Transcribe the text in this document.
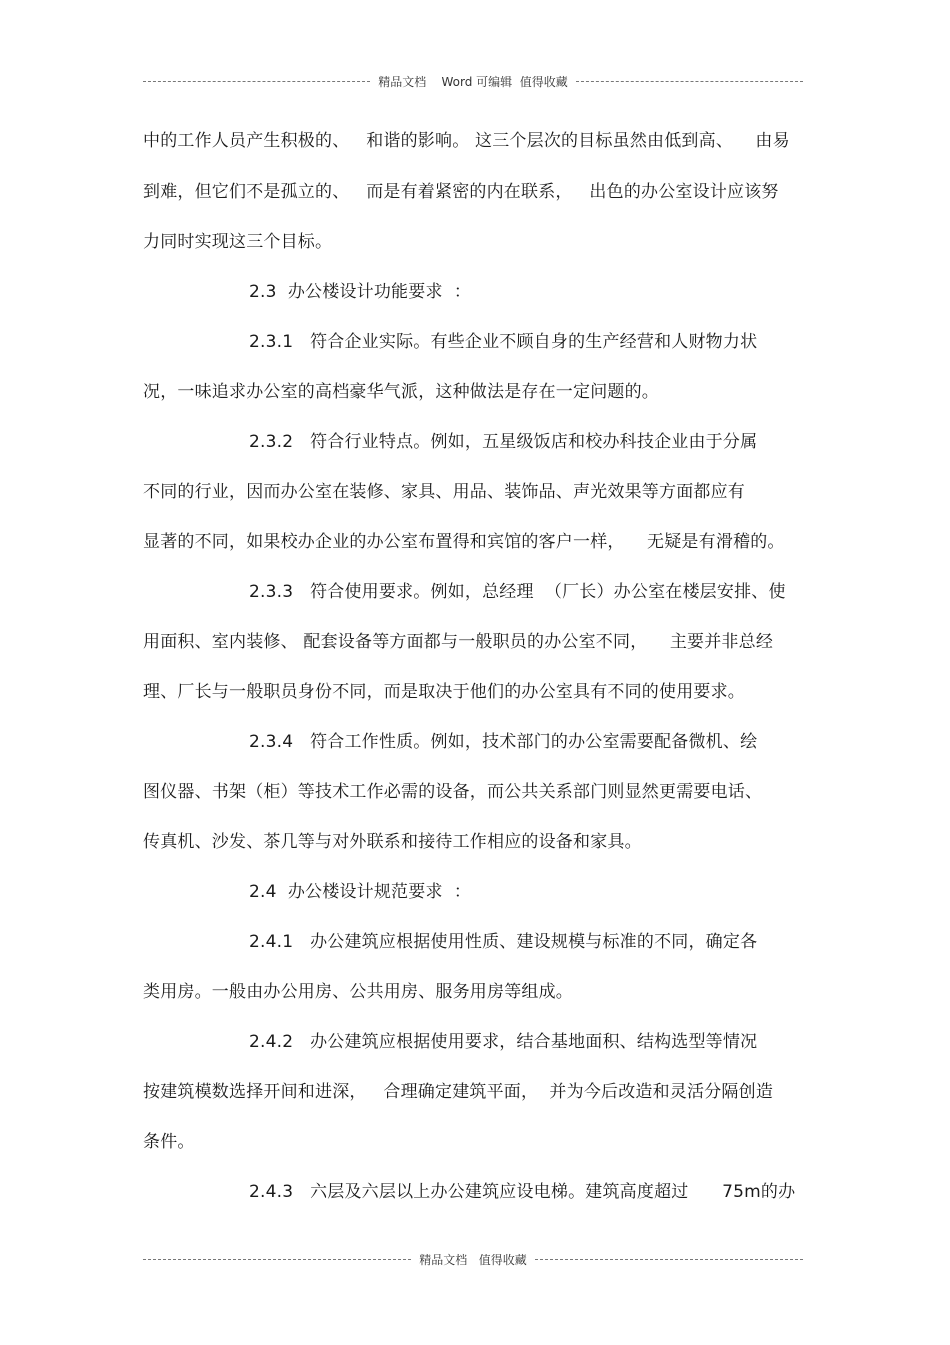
精品文档    Word 可编辑  值得收藏
中的工作人员产生积极的、   和谐的影响。 这三个层次的目标虽然由低到高、    由易
到难，但它们不是孤立的、   而是有着紧密的内在联系，   出色的办公室设计应该努
力同时实现这三个目标。
2.3  办公楼设计功能要求  ：
2.3.1   符合企业实际。有些企业不顾自身的生产经营和人财物力状
况，一味追求办公室的高档豪华气派，这种做法是存在一定问题的。
2.3.2   符合行业特点。例如，五星级饭店和校办科技企业由于分属
不同的行业，因而办公室在装修、家具、用品、装饰品、声光效果等方面都应有
显著的不同，如果校办企业的办公室布置得和宾馆的客户一样，    无疑是有滑稽的。
2.3.3   符合使用要求。例如，总经理  （厂长）办公室在楼层安排、使
用面积、室内装修、 配套设备等方面都与一般职员的办公室不同，    主要并非总经
理、厂长与一般职员身份不同，而是取决于他们的办公室具有不同的使用要求。
2.3.4   符合工作性质。例如，技术部门的办公室需要配备微机、绘
图仪器、书架（柜）等技术工作必需的设备，而公共关系部门则显然更需要电话、
传真机、沙发、茶几等与对外联系和接待工作相应的设备和家具。
2.4  办公楼设计规范要求  ：
2.4.1   办公建筑应根据使用性质、建设规模与标准的不同，确定各
类用房。一般由办公用房、公共用房、服务用房等组成。
2.4.2   办公建筑应根据使用要求，结合基地面积、结构选型等情况
按建筑模数选择开间和进深，   合理确定建筑平面，  并为今后改造和灵活分隔创造
条件。
2.4.3   六层及六层以上办公建筑应设电梯。建筑高度超过      75m的办
精品文档   值得收藏
